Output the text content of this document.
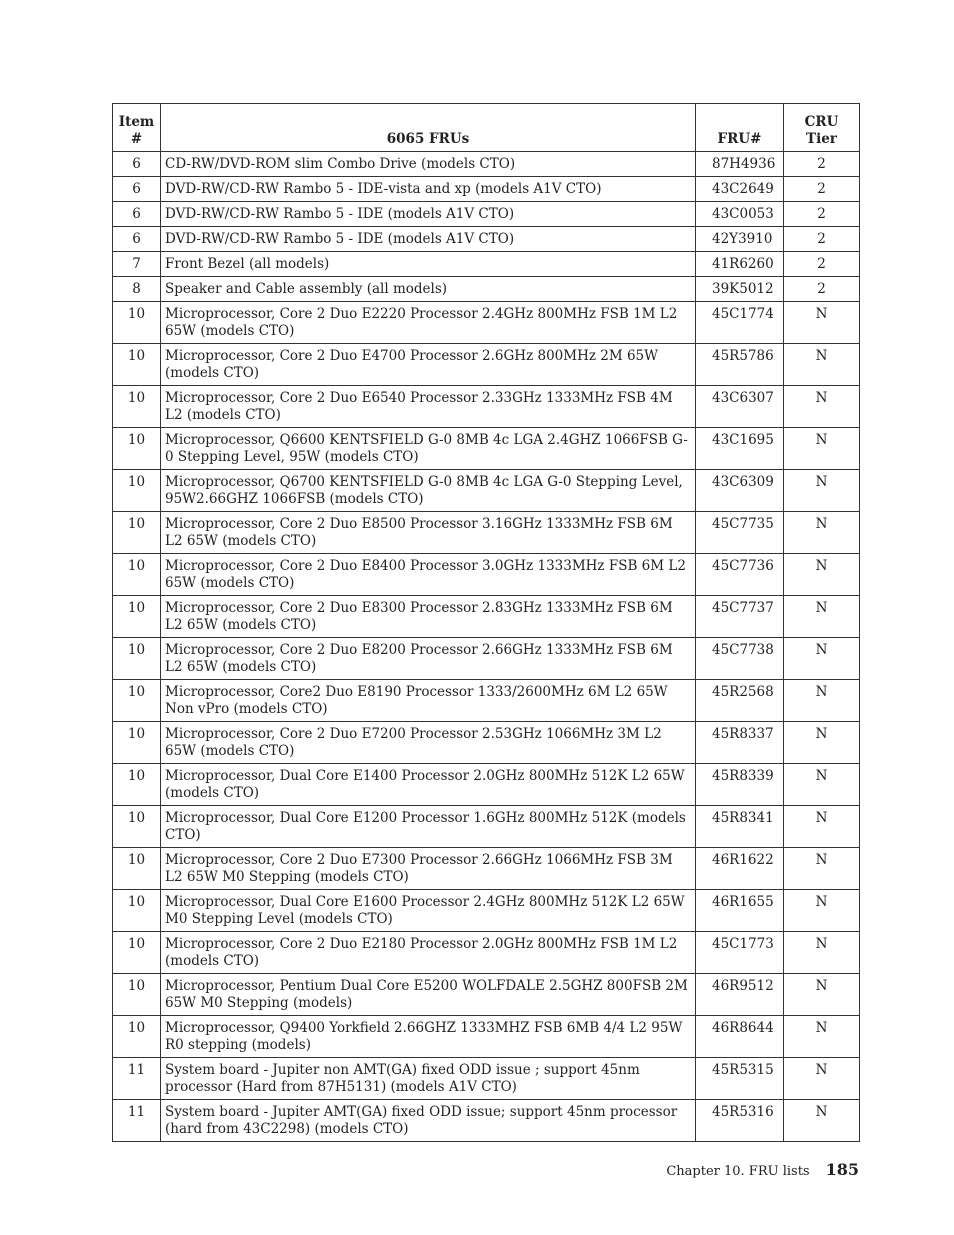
Item #	6065 FRUs	FRU#	CRU Tier
6	CD-RW/DVD-ROM slim Combo Drive (models CTO)	87H4936	2
6	DVD-RW/CD-RW Rambo 5 - IDE-vista and xp (models A1V CTO)	43C2649	2
6	DVD-RW/CD-RW Rambo 5 - IDE (models A1V CTO)	43C0053	2
6	DVD-RW/CD-RW Rambo 5 - IDE (models A1V CTO)	42Y3910	2
7	Front Bezel (all models)	41R6260	2
8	Speaker and Cable assembly (all models)	39K5012	2
10	Microprocessor, Core 2 Duo E2220 Processor 2.4GHz 800MHz FSB 1M L2 65W (models CTO)	45C1774	N
10	Microprocessor, Core 2 Duo E4700 Processor 2.6GHz 800MHz 2M 65W (models CTO)	45R5786	N
10	Microprocessor, Core 2 Duo E6540 Processor 2.33GHz 1333MHz FSB 4M L2 (models CTO)	43C6307	N
10	Microprocessor, Q6600 KENTSFIELD G-0 8MB 4c LGA 2.4GHZ 1066FSB G-0 Stepping Level, 95W (models CTO)	43C1695	N
10	Microprocessor, Q6700 KENTSFIELD G-0 8MB 4c LGA G-0 Stepping Level, 95W2.66GHZ 1066FSB (models CTO)	43C6309	N
10	Microprocessor, Core 2 Duo E8500 Processor 3.16GHz 1333MHz FSB 6M L2 65W (models CTO)	45C7735	N
10	Microprocessor, Core 2 Duo E8400 Processor 3.0GHz 1333MHz FSB 6M L2 65W (models CTO)	45C7736	N
10	Microprocessor, Core 2 Duo E8300 Processor 2.83GHz 1333MHz FSB 6M L2 65W (models CTO)	45C7737	N
10	Microprocessor, Core 2 Duo E8200 Processor 2.66GHz 1333MHz FSB 6M L2 65W (models CTO)	45C7738	N
10	Microprocessor, Core2 Duo E8190 Processor 1333/2600MHz 6M L2 65W Non vPro (models CTO)	45R2568	N
10	Microprocessor, Core 2 Duo E7200 Processor 2.53GHz 1066MHz 3M L2 65W (models CTO)	45R8337	N
10	Microprocessor, Dual Core E1400 Processor 2.0GHz 800MHz 512K L2 65W (models CTO)	45R8339	N
10	Microprocessor, Dual Core E1200 Processor 1.6GHz 800MHz 512K (models CTO)	45R8341	N
10	Microprocessor, Core 2 Duo E7300 Processor 2.66GHz 1066MHz FSB 3M L2 65W M0 Stepping (models CTO)	46R1622	N
10	Microprocessor, Dual Core E1600 Processor 2.4GHz 800MHz 512K L2 65W M0 Stepping Level (models CTO)	46R1655	N
10	Microprocessor, Core 2 Duo E2180 Processor 2.0GHz 800MHz FSB 1M L2 (models CTO)	45C1773	N
10	Microprocessor, Pentium Dual Core E5200 WOLFDALE 2.5GHZ 800FSB 2M 65W M0 Stepping (models)	46R9512	N
10	Microprocessor, Q9400 Yorkfield 2.66GHZ 1333MHZ FSB 6MB 4/4 L2 95W R0 stepping (models)	46R8644	N
11	System board - Jupiter non AMT(GA) fixed ODD issue ; support 45nm processor (Hard from 87H5131) (models A1V CTO)	45R5315	N
11	System board - Jupiter AMT(GA) fixed ODD issue; support 45nm processor (hard from 43C2298) (models CTO)	45R5316	N
Chapter 10. FRU lists 185
